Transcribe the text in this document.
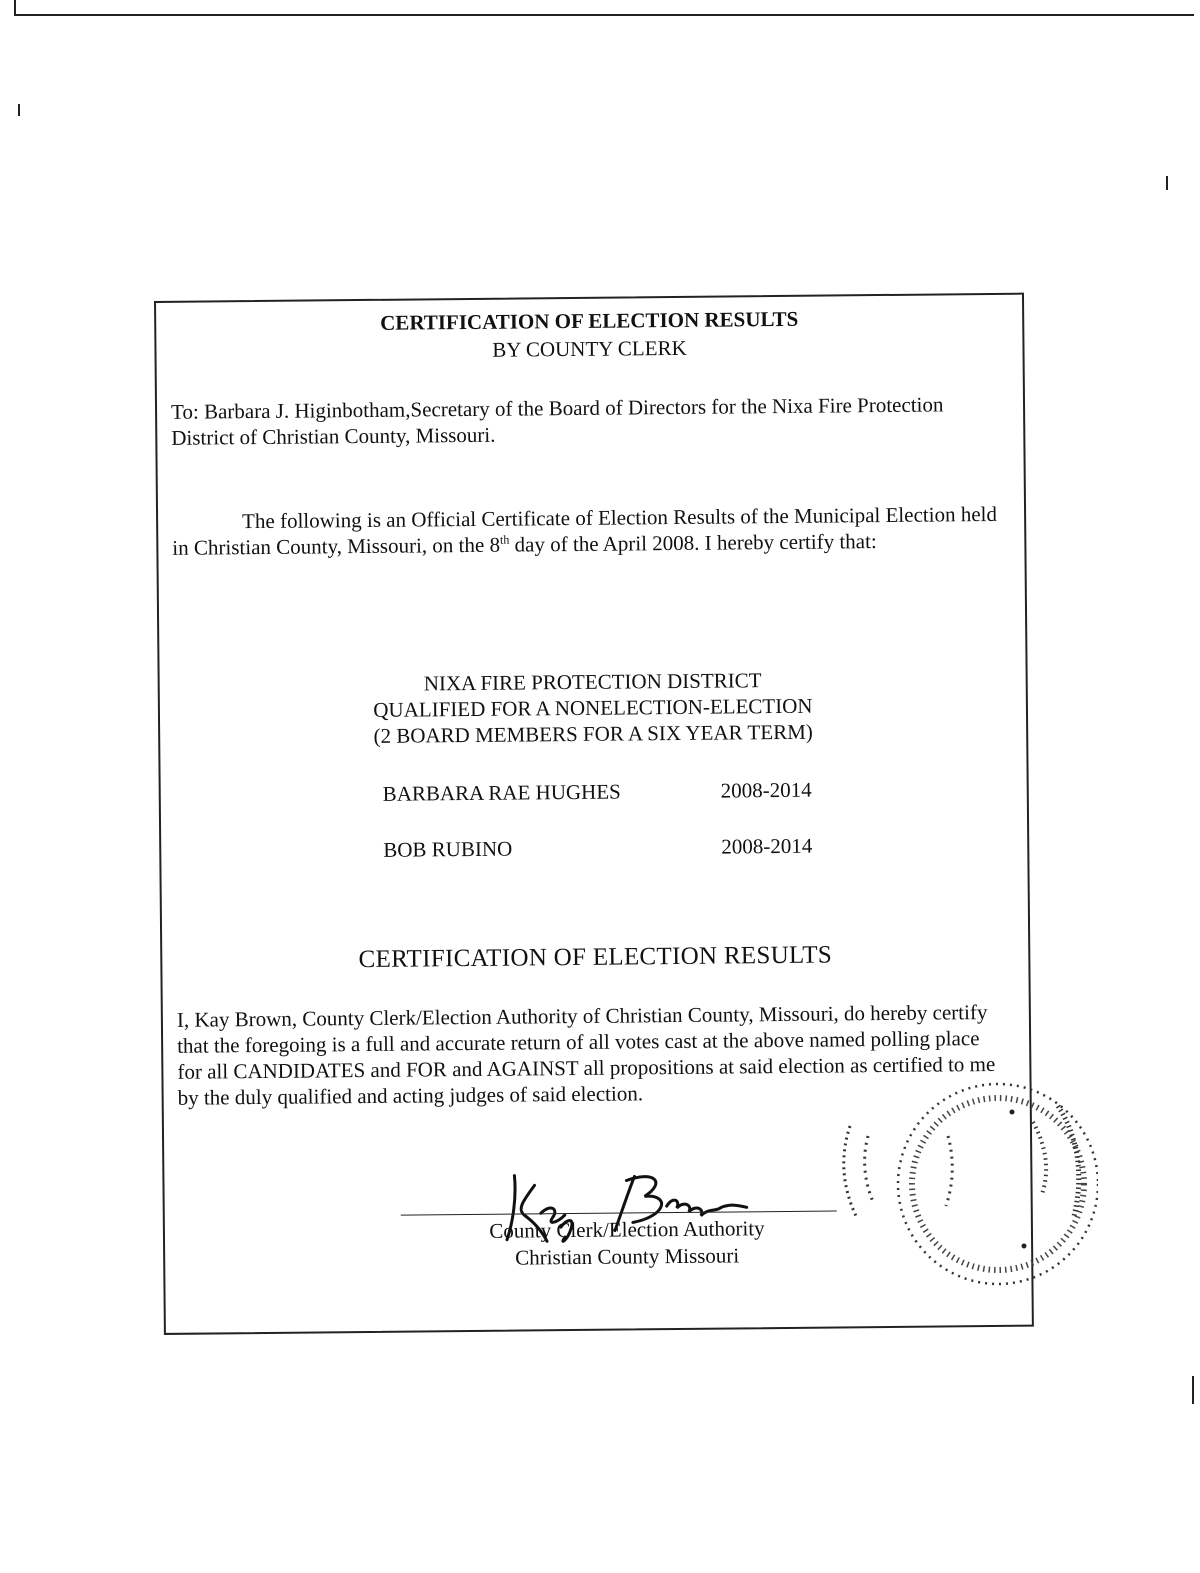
CERTIFICATION OF ELECTION RESULTS
BY COUNTY CLERK
To: Barbara J. Higinbotham,Secretary of the Board of Directors for the Nixa Fire Protection District of Christian County, Missouri.
The following is an Official Certificate of Election Results of the Municipal Election held in Christian County, Missouri, on the 8th day of the April 2008. I hereby certify that:
NIXA FIRE PROTECTION DISTRICT
QUALIFIED FOR A NONELECTION-ELECTION
(2 BOARD MEMBERS FOR A SIX YEAR TERM)
BARBARA RAE HUGHES	2008-2014
BOB RUBINO	2008-2014
CERTIFICATION OF ELECTION RESULTS
I, Kay Brown, County Clerk/Election Authority of Christian County, Missouri, do hereby certify that the foregoing is a full and accurate return of all votes cast at the above named polling place for all CANDIDATES and FOR and AGAINST all propositions at said election as certified to me by the duly qualified and acting judges of said election.
County Clerk/Election Authority
Christian County Missouri
